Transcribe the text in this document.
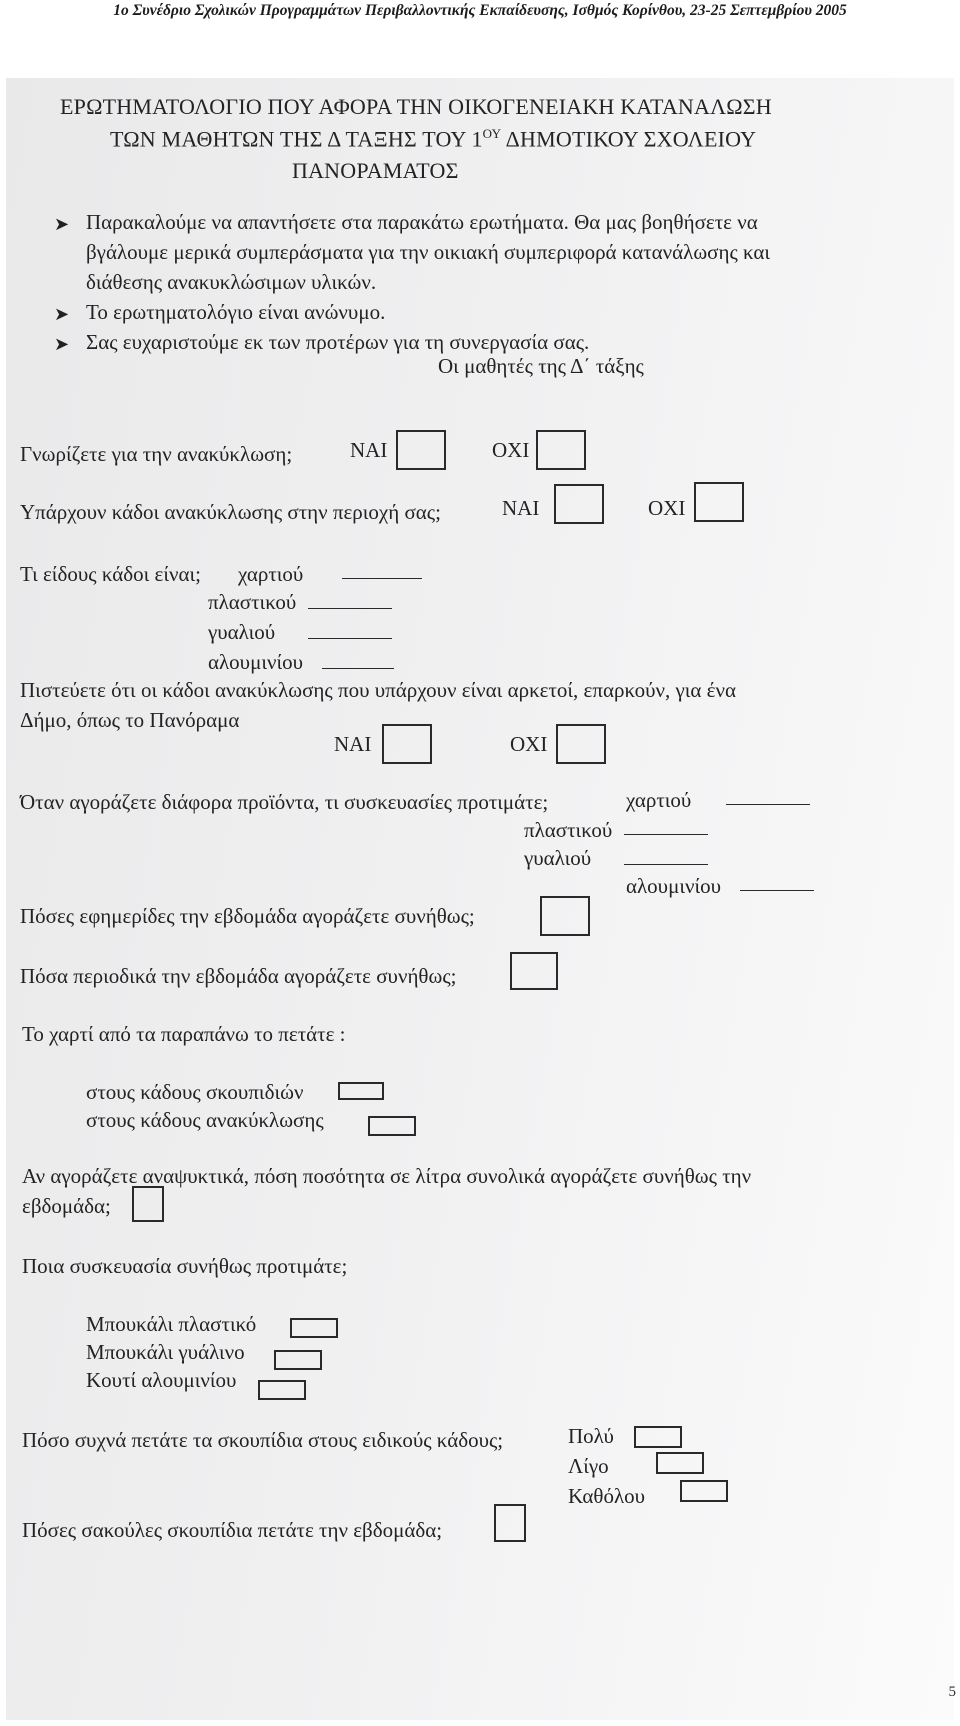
1ο Συνέδριο Σχολικών Προγραμμάτων Περιβαλλοντικής Εκπαίδευσης, Ισθμός Κορίνθου, 23-25 Σεπτεμβρίου 2005
ΕΡΩΤΗΜΑΤΟΛΟΓΙΟ ΠΟΥ ΑΦΟΡΑ ΤΗΝ ΟΙΚΟΓΕΝΕΙΑΚΗ ΚΑΤΑΝΑΛΩΣΗ
ΤΩΝ ΜΑΘΗΤΩΝ ΤΗΣ Δ ΤΑΞΗΣ ΤΟΥ $1^{O\Upsilon}$ ΔΗΜΟΤΙΚΟΥ ΣΧΟΛΕΙΟΥ
ΠΑΝΟΡΑΜΑΤΟΣ
➤ Παρακαλούμε να απαντήσετε στα παρακάτω ερωτήματα. Θα μας βοηθήσετε να
βγάλουμε μερικά συμπεράσματα για την οικιακή συμπεριφορά κατανάλωσης και
διάθεσης ανακυκλώσιμων υλικών.
➤ Το ερωτηματολόγιο είναι ανώνυμο.
➤ Σας ευχαριστούμε εκ των προτέρων για τη συνεργασία σας.
Οι μαθητές της Δ΄ τάξης
Γνωρίζετε για την ανακύκλωση;	ΝΑΙ	ΟΧΙ
Υπάρχουν κάδοι ανακύκλωσης στην περιοχή σας;	ΝΑΙ	ΟΧΙ
Τι είδους κάδοι είναι; χαρτιού
πλαστικού
γυαλιού
αλουμινίου
Πιστεύετε ότι οι κάδοι ανακύκλωσης που υπάρχουν είναι αρκετοί, επαρκούν, για ένα
Δήμο, όπως το Πανόραμα
ΝΑΙ	ΟΧΙ
Όταν αγοράζετε διάφορα προϊόντα, τι συσκευασίες προτιμάτε;	χαρτιού
πλαστικού
γυαλιού
αλουμινίου
Πόσες εφημερίδες την εβδομάδα αγοράζετε συνήθως;
Πόσα περιοδικά την εβδομάδα αγοράζετε συνήθως;
Το χαρτί από τα παραπάνω το πετάτε :
στους κάδους σκουπιδιών
στους κάδους ανακύκλωσης
Αν αγοράζετε αναψυκτικά, πόση ποσότητα σε λίτρα συνολικά αγοράζετε συνήθως την
εβδομάδα;
Ποια συσκευασία συνήθως προτιμάτε;
Μπουκάλι πλαστικό
Μπουκάλι γυάλινο
Κουτί αλουμινίου
Πόσο συχνά πετάτε τα σκουπίδια στους ειδικούς κάδους;	Πολύ
Λίγο
Καθόλου
Πόσες σακούλες σκουπίδια πετάτε την εβδομάδα;
5
